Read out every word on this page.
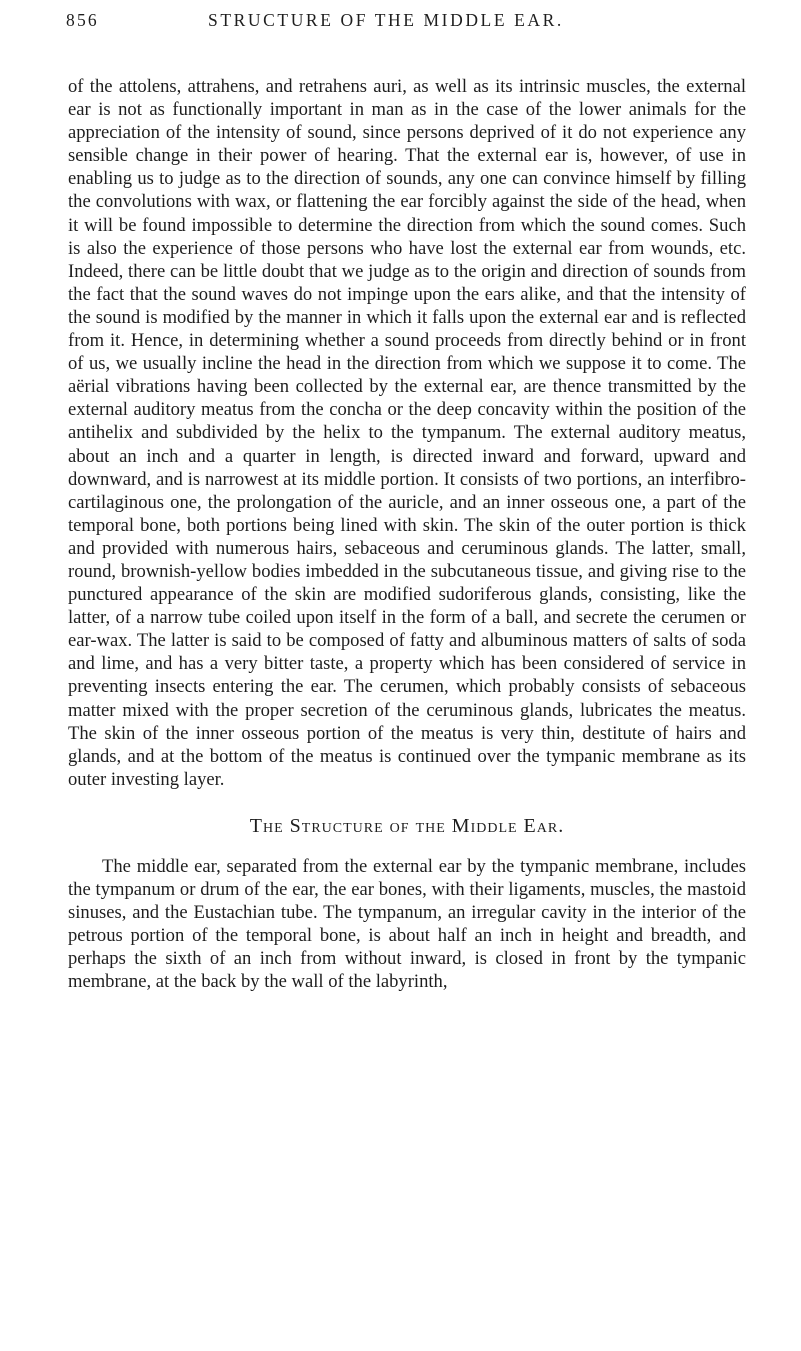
856	STRUCTURE OF THE MIDDLE EAR.

of the attolens, attrahens, and retrahens auri, as well as its intrinsic muscles, the external ear is not as functionally important in man as in the case of the lower animals for the appreciation of the intensity of sound, since persons deprived of it do not experience any sensible change in their power of hearing. That the external ear is, however, of use in enabling us to judge as to the direction of sounds, any one can convince himself by filling the convolutions with wax, or flattening the ear forcibly against the side of the head, when it will be found impossible to determine the direction from which the sound comes. Such is also the experience of those persons who have lost the external ear from wounds, etc. Indeed, there can be little doubt that we judge as to the origin and direction of sounds from the fact that the sound waves do not impinge upon the ears alike, and that the intensity of the sound is modified by the manner in which it falls upon the external ear and is reflected from it. Hence, in determining whether a sound proceeds from directly behind or in front of us, we usually incline the head in the direction from which we suppose it to come. The aërial vibrations having been collected by the external ear, are thence transmitted by the external auditory meatus from the concha or the deep concavity within the position of the antihelix and subdivided by the helix to the tympanum. The external auditory meatus, about an inch and a quarter in length, is directed inward and forward, upward and downward, and is narrowest at its middle portion. It consists of two portions, an interfibro-cartilaginous one, the prolongation of the auricle, and an inner osseous one, a part of the temporal bone, both portions being lined with skin. The skin of the outer portion is thick and provided with numerous hairs, sebaceous and ceruminous glands. The latter, small, round, brownish-yellow bodies imbedded in the subcutaneous tissue, and giving rise to the punctured appearance of the skin are modified sudoriferous glands, consisting, like the latter, of a narrow tube coiled upon itself in the form of a ball, and secrete the cerumen or ear-wax. The latter is said to be composed of fatty and albuminous matters of salts of soda and lime, and has a very bitter taste, a property which has been considered of service in preventing insects entering the ear. The cerumen, which probably consists of sebaceous matter mixed with the proper secretion of the ceruminous glands, lubricates the meatus. The skin of the inner osseous portion of the meatus is very thin, destitute of hairs and glands, and at the bottom of the meatus is continued over the tympanic membrane as its outer investing layer.

The Structure of the Middle Ear.

The middle ear, separated from the external ear by the tympanic membrane, includes the tympanum or drum of the ear, the ear bones, with their ligaments, muscles, the mastoid sinuses, and the Eustachian tube. The tympanum, an irregular cavity in the interior of the petrous portion of the temporal bone, is about half an inch in height and breadth, and perhaps the sixth of an inch from without inward, is closed in front by the tympanic membrane, at the back by the wall of the labyrinth,
